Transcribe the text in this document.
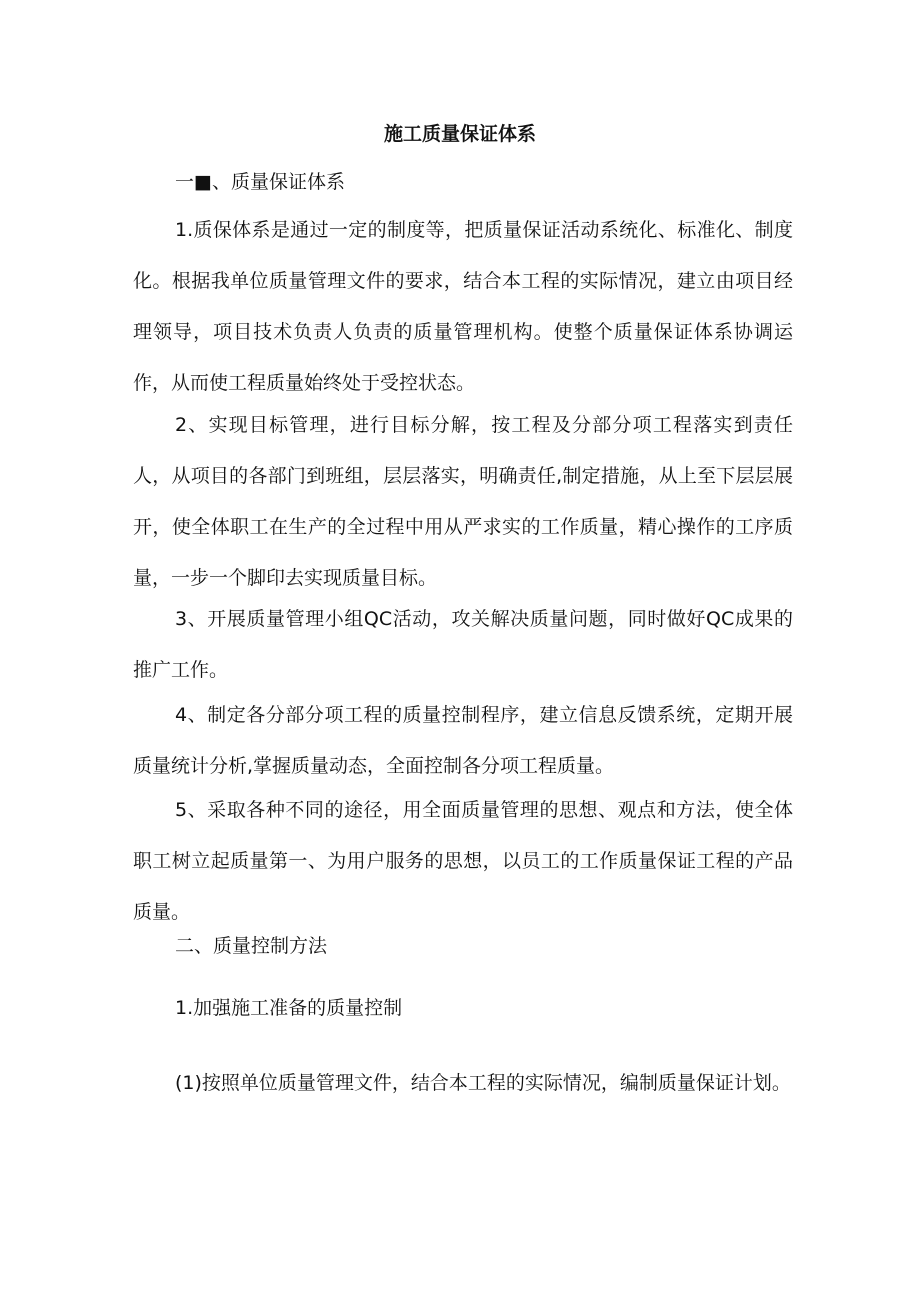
施工质量保证体系
一■、质量保证体系

1.质保体系是通过一定的制度等，把质量保证活动系统化、标准化、制度化。根据我单位质量管理文件的要求，结合本工程的实际情况，建立由项目经理领导，项目技术负责人负责的质量管理机构。使整个质量保证体系协调运作，从而使工程质量始终处于受控状态。

2、实现目标管理，进行目标分解，按工程及分部分项工程落实到责任人，从项目的各部门到班组，层层落实，明确责任,制定措施，从上至下层层展开，使全体职工在生产的全过程中用从严求实的工作质量，精心操作的工序质量，一步一个脚印去实现质量目标。

3、开展质量管理小组QC活动，攻关解决质量问题，同时做好QC成果的推广工作。

4、制定各分部分项工程的质量控制程序，建立信息反馈系统，定期开展质量统计分析,掌握质量动态，全面控制各分项工程质量。

5、采取各种不同的途径，用全面质量管理的思想、观点和方法，使全体职工树立起质量第一、为用户服务的思想，以员工的工作质量保证工程的产品质量。

二、质量控制方法
1.加强施工准备的质量控制

(1)按照单位质量管理文件，结合本工程的实际情况，编制质量保证计划。
